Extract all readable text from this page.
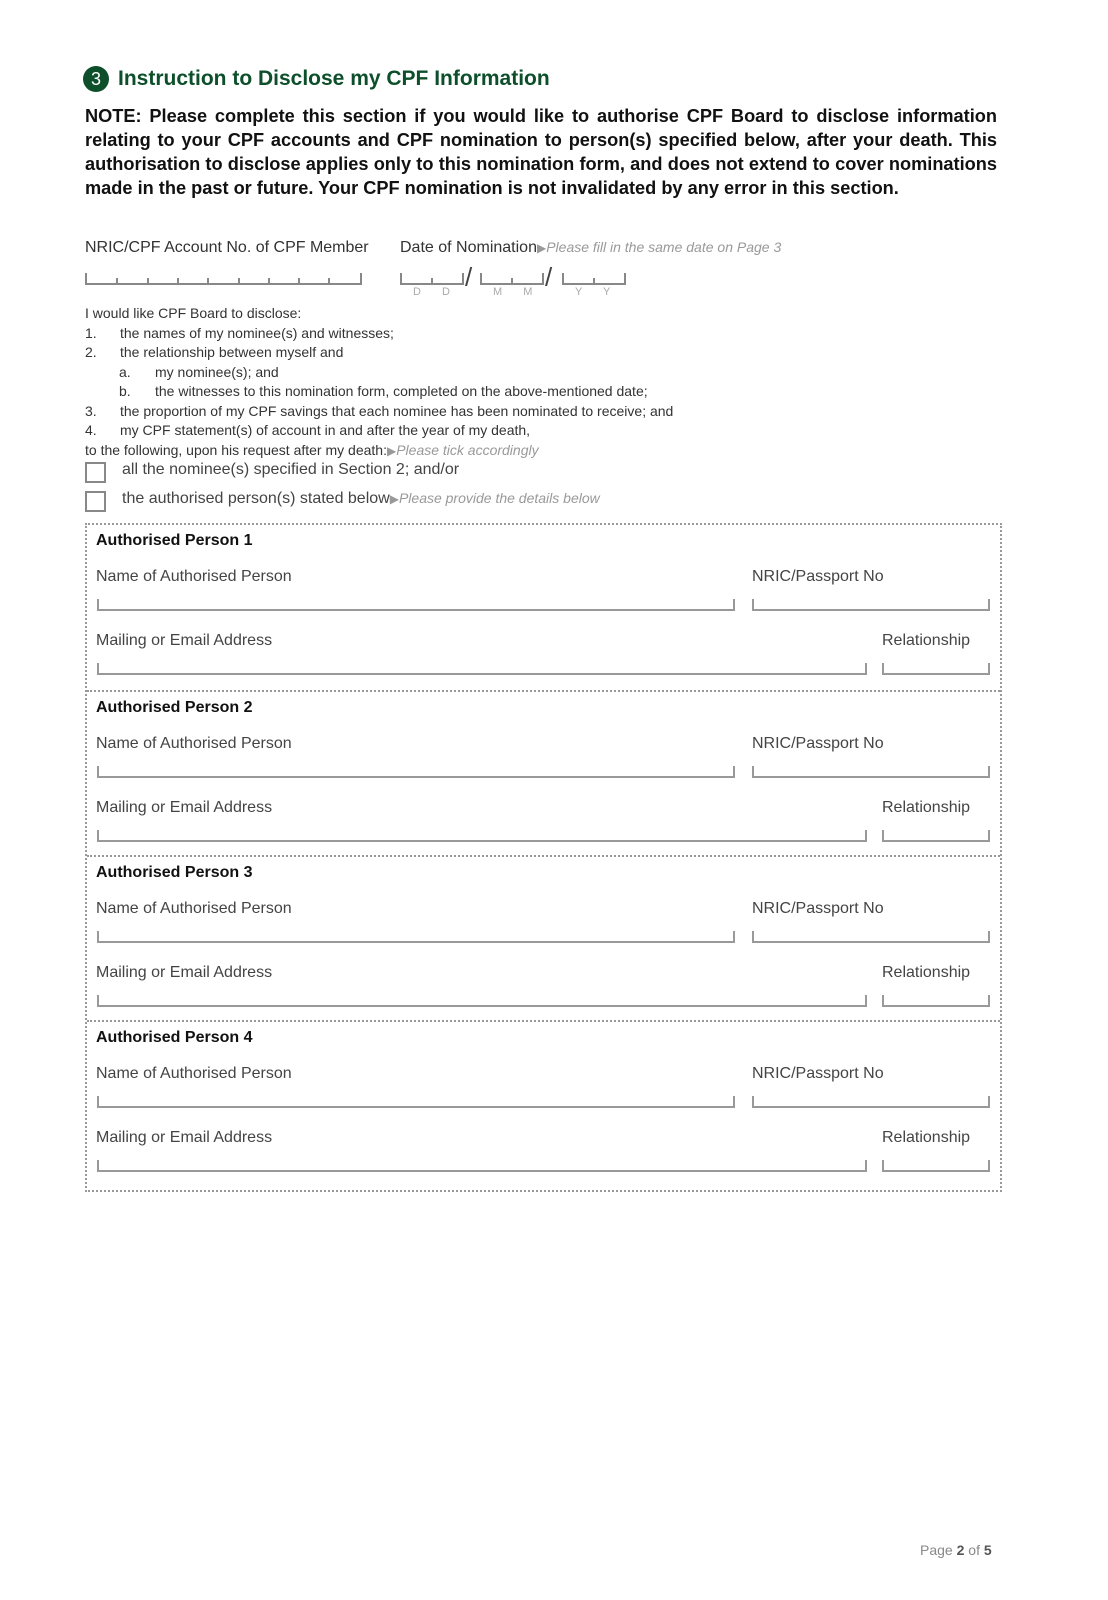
3 Instruction to Disclose my CPF Information
NOTE: Please complete this section if you would like to authorise CPF Board to disclose information relating to your CPF accounts and CPF nomination to person(s) specified below, after your death. This authorisation to disclose applies only to this nomination form, and does not extend to cover nominations made in the past or future. Your CPF nomination is not invalidated by any error in this section.
NRIC/CPF Account No. of CPF Member Date of Nomination▶Please fill in the same date on Page 3
/	/
D D	M M	Y Y
I would like CPF Board to disclose:
1. the names of my nominee(s) and witnesses;
2. the relationship between myself and
a. my nominee(s); and
b. the witnesses to this nomination form, completed on the above-mentioned date;
3. the proportion of my CPF savings that each nominee has been nominated to receive; and
4. my CPF statement(s) of account in and after the year of my death,
to the following, upon his request after my death:▶Please tick accordingly
all the nominee(s) specified in Section 2; and/or
the authorised person(s) stated below▶Please provide the details below
Authorised Person 1
Name of Authorised Person	NRIC/Passport No
Mailing or Email Address	Relationship
Authorised Person 2
Name of Authorised Person	NRIC/Passport No
Mailing or Email Address	Relationship
Authorised Person 3
Name of Authorised Person	NRIC/Passport No
Mailing or Email Address	Relationship
Authorised Person 4
Name of Authorised Person	NRIC/Passport No
Mailing or Email Address	Relationship
Page 2 of 5
